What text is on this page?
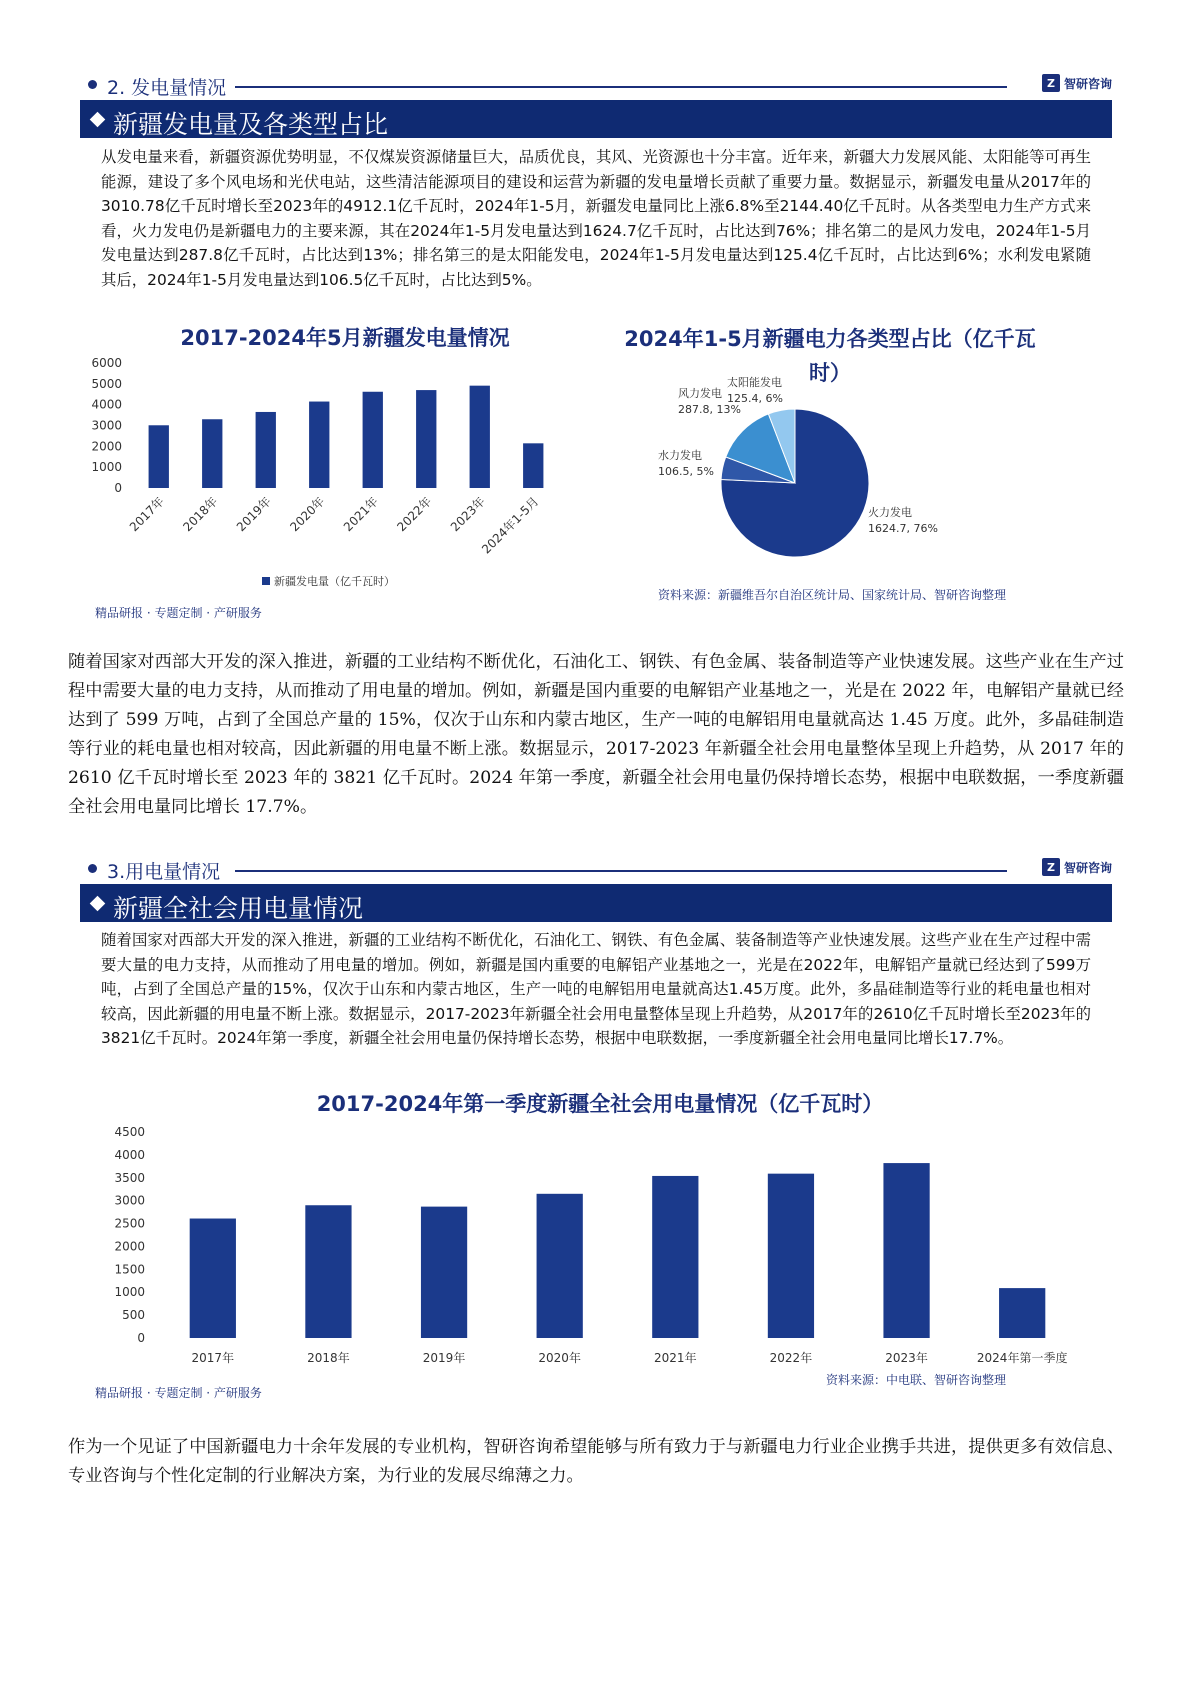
2. 发电量情况	Z 智研咨询
新疆发电量及各类型占比
从发电量来看，新疆资源优势明显，不仅煤炭资源储量巨大，品质优良，其风、光资源也十分丰富。近年来，新疆大力发展风能、太阳能等可再生能源，建设了多个风电场和光伏电站，这些清洁能源项目的建设和运营为新疆的发电量增长贡献了重要力量。数据显示，新疆发电量从2017年的3010.78亿千瓦时增长至2023年的4912.1亿千瓦时，2024年1-5月，新疆发电量同比上涨6.8%至2144.40亿千瓦时。从各类型电力生产方式来看，火力发电仍是新疆电力的主要来源，其在2024年1-5月发电量达到1624.7亿千瓦时，占比达到76%；排名第二的是风力发电，2024年1-5月发电量达到287.8亿千瓦时，占比达到13%；排名第三的是太阳能发电，2024年1-5月发电量达到125.4亿千瓦时，占比达到6%；水利发电紧随其后，2024年1-5月发电量达到106.5亿千瓦时，占比达到5%。
2017-2024年5月新疆发电量情况
0
1000
2000
3000
4000
5000
6000
2017年 2018年 2019年 2020年 2021年 2022年 2023年
2024年1-5月
新疆发电量（亿千瓦时）
2024年1-5月新疆电力各类型占比（亿千瓦时）
火力发电
1624.7, 76%
水力发电
106.5, 5%
风力发电
287.8, 13%
太阳能发电
125.4, 6%
精品研报 · 专题定制 · 产研服务
资料来源：新疆维吾尔自治区统计局、国家统计局、智研咨询整理
随着国家对西部大开发的深入推进，新疆的工业结构不断优化，石油化工、钢铁、有色金属、装备制造等产业快速发展。这些产业在生产过程中需要大量的电力支持，从而推动了用电量的增加。例如，新疆是国内重要的电解铝产业基地之一，光是在 2022 年，电解铝产量就已经达到了 599 万吨，占到了全国总产量的 15%，仅次于山东和内蒙古地区，生产一吨的电解铝用电量就高达 1.45 万度。此外，多晶硅制造等行业的耗电量也相对较高，因此新疆的用电量不断上涨。数据显示，2017-2023 年新疆全社会用电量整体呈现上升趋势，从 2017 年的 2610 亿千瓦时增长至 2023 年的 3821 亿千瓦时。2024 年第一季度，新疆全社会用电量仍保持增长态势，根据中电联数据，一季度新疆全社会用电量同比增长 17.7%。
3.用电量情况	Z 智研咨询
新疆全社会用电量情况
随着国家对西部大开发的深入推进，新疆的工业结构不断优化，石油化工、钢铁、有色金属、装备制造等产业快速发展。这些产业在生产过程中需要大量的电力支持，从而推动了用电量的增加。例如，新疆是国内重要的电解铝产业基地之一，光是在2022年，电解铝产量就已经达到了599万吨，占到了全国总产量的15%，仅次于山东和内蒙古地区，生产一吨的电解铝用电量就高达1.45万度。此外，多晶硅制造等行业的耗电量也相对较高，因此新疆的用电量不断上涨。数据显示，2017-2023年新疆全社会用电量整体呈现上升趋势，从2017年的2610亿千瓦时增长至2023年的3821亿千瓦时。2024年第一季度，新疆全社会用电量仍保持增长态势，根据中电联数据，一季度新疆全社会用电量同比增长17.7%。
2017-2024年第一季度新疆全社会用电量情况（亿千瓦时）
0
500
1000
1500
2000
2500
3000
3500
4000
4500
2017年	2018年	2019年	2020年	2021年	2022年	2023年	2024年第一季度
精品研报 · 专题定制 · 产研服务
资料来源：中电联、智研咨询整理
作为一个见证了中国新疆电力十余年发展的专业机构，智研咨询希望能够与所有致力于与新疆电力行业企业携手共进，提供更多有效信息、专业咨询与个性化定制的行业解决方案，为行业的发展尽绵薄之力。
